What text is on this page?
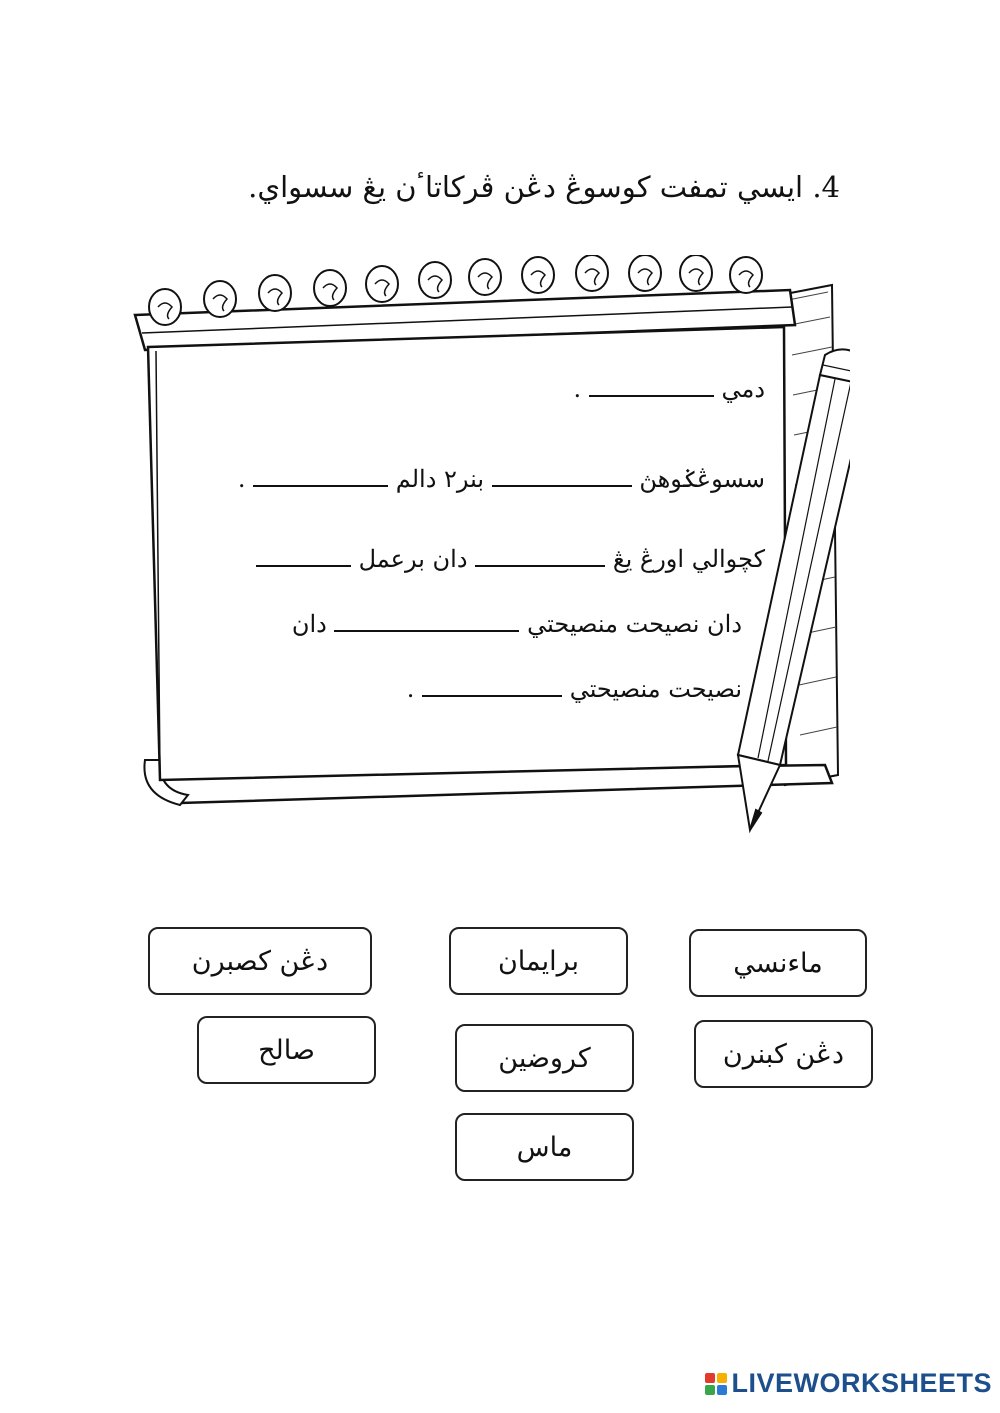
4. ايسي تمفت كوسوڠ دڠن ڤركاتاٴن يڠ سسواي.
دمي  .
سسوڠݢوهڽ  بنر٢ دالم  .
كچوالي اورڠ يڠ  دان برعمل
دان نصيحت منصيحتي  دان
نصيحت منصيحتي  .
دڠن كصبرن	برايمان	ماءنسي
صالح	كروضين	دڠن كبنرن
ماس
LIVEWORKSHEETS
